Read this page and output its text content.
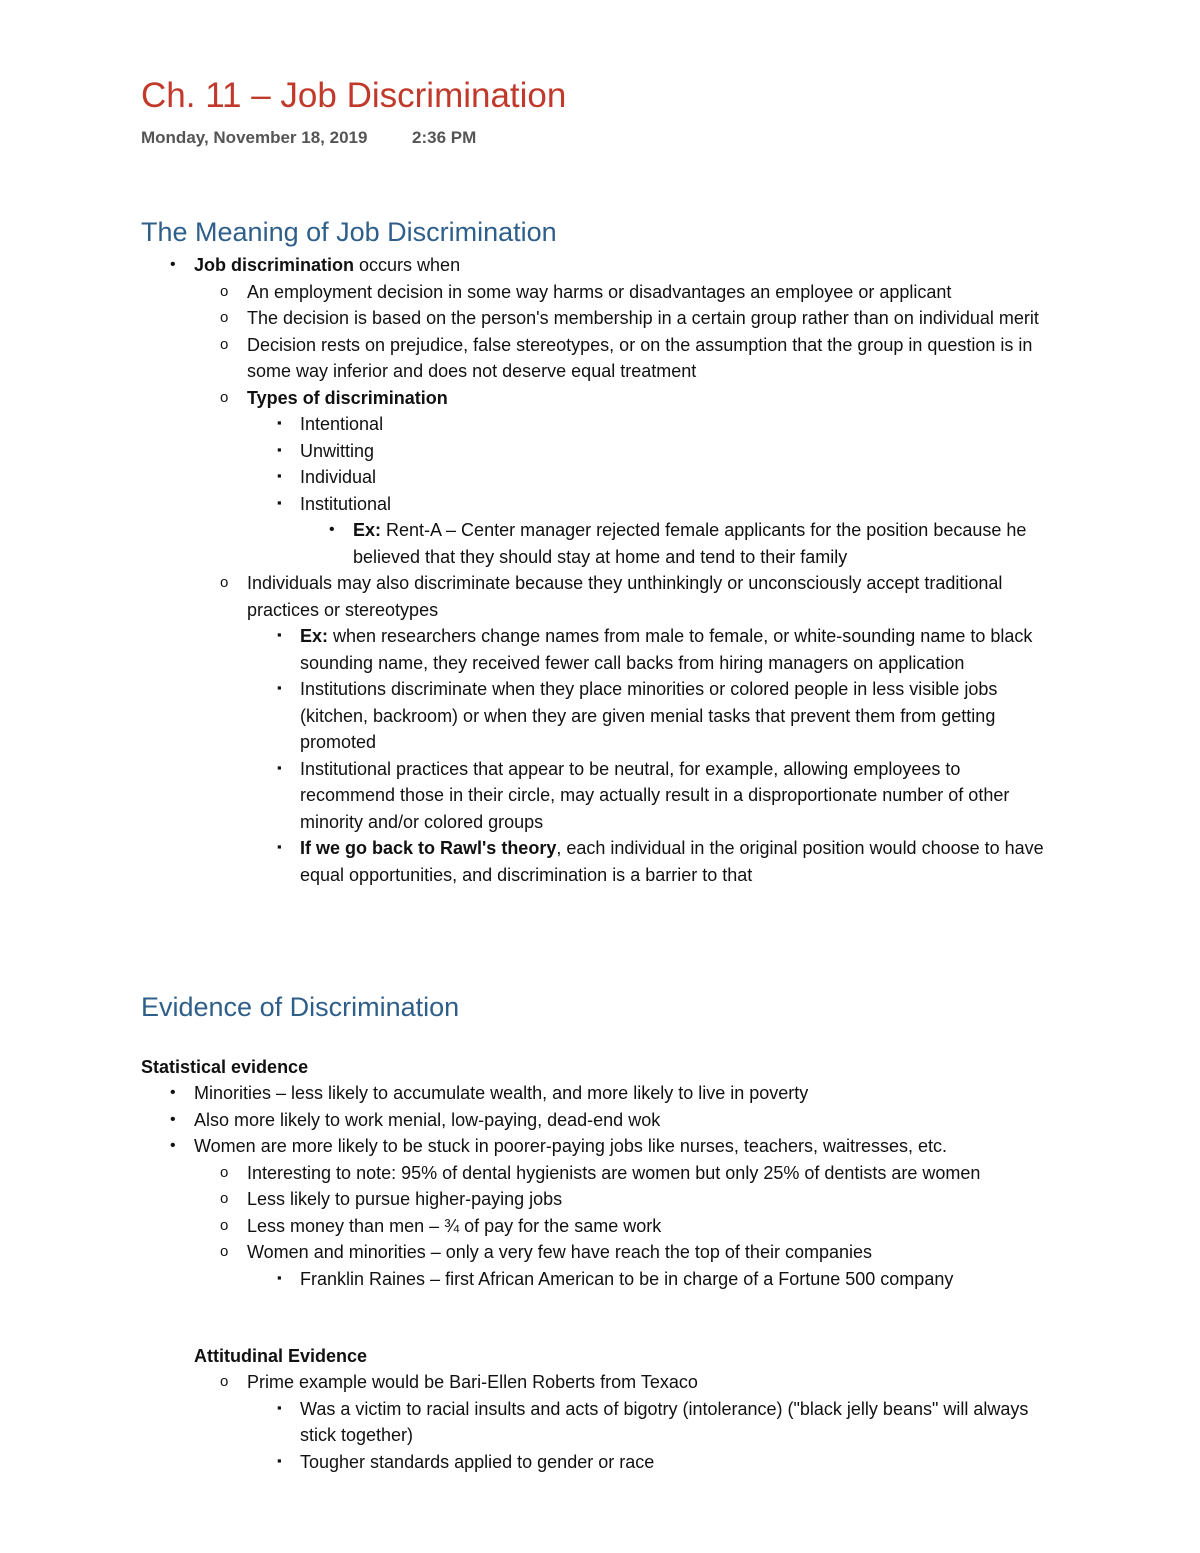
Ch. 11 – Job Discrimination
Monday, November 18, 2019	2:36 PM
The Meaning of Job Discrimination
• Job discrimination occurs when
o An employment decision in some way harms or disadvantages an employee or applicant
o The decision is based on the person's membership in a certain group rather than on individual merit
o Decision rests on prejudice, false stereotypes, or on the assumption that the group in question is in some way inferior and does not deserve equal treatment
o Types of discrimination
▪ Intentional
▪ Unwitting
▪ Individual
▪ Institutional
• Ex: Rent-A – Center manager rejected female applicants for the position because he believed that they should stay at home and tend to their family
o Individuals may also discriminate because they unthinkingly or unconsciously accept traditional practices or stereotypes
▪ Ex: when researchers change names from male to female, or white-sounding name to black sounding name, they received fewer call backs from hiring managers on application
▪ Institutions discriminate when they place minorities or colored people in less visible jobs (kitchen, backroom) or when they are given menial tasks that prevent them from getting promoted
▪ Institutional practices that appear to be neutral, for example, allowing employees to recommend those in their circle, may actually result in a disproportionate number of other minority and/or colored groups
▪ If we go back to Rawl's theory, each individual in the original position would choose to have equal opportunities, and discrimination is a barrier to that
Evidence of Discrimination
Statistical evidence
• Minorities – less likely to accumulate wealth, and more likely to live in poverty
• Also more likely to work menial, low-paying, dead-end wok
• Women are more likely to be stuck in poorer-paying jobs like nurses, teachers, waitresses, etc.
o Interesting to note: 95% of dental hygienists are women but only 25% of dentists are women
o Less likely to pursue higher-paying jobs
o Less money than men – ¾ of pay for the same work
o Women and minorities – only a very few have reach the top of their companies
▪ Franklin Raines – first African American to be in charge of a Fortune 500 company
Attitudinal Evidence
o Prime example would be Bari-Ellen Roberts from Texaco
▪ Was a victim to racial insults and acts of bigotry (intolerance) ("black jelly beans" will always stick together)
▪ Tougher standards applied to gender or race
